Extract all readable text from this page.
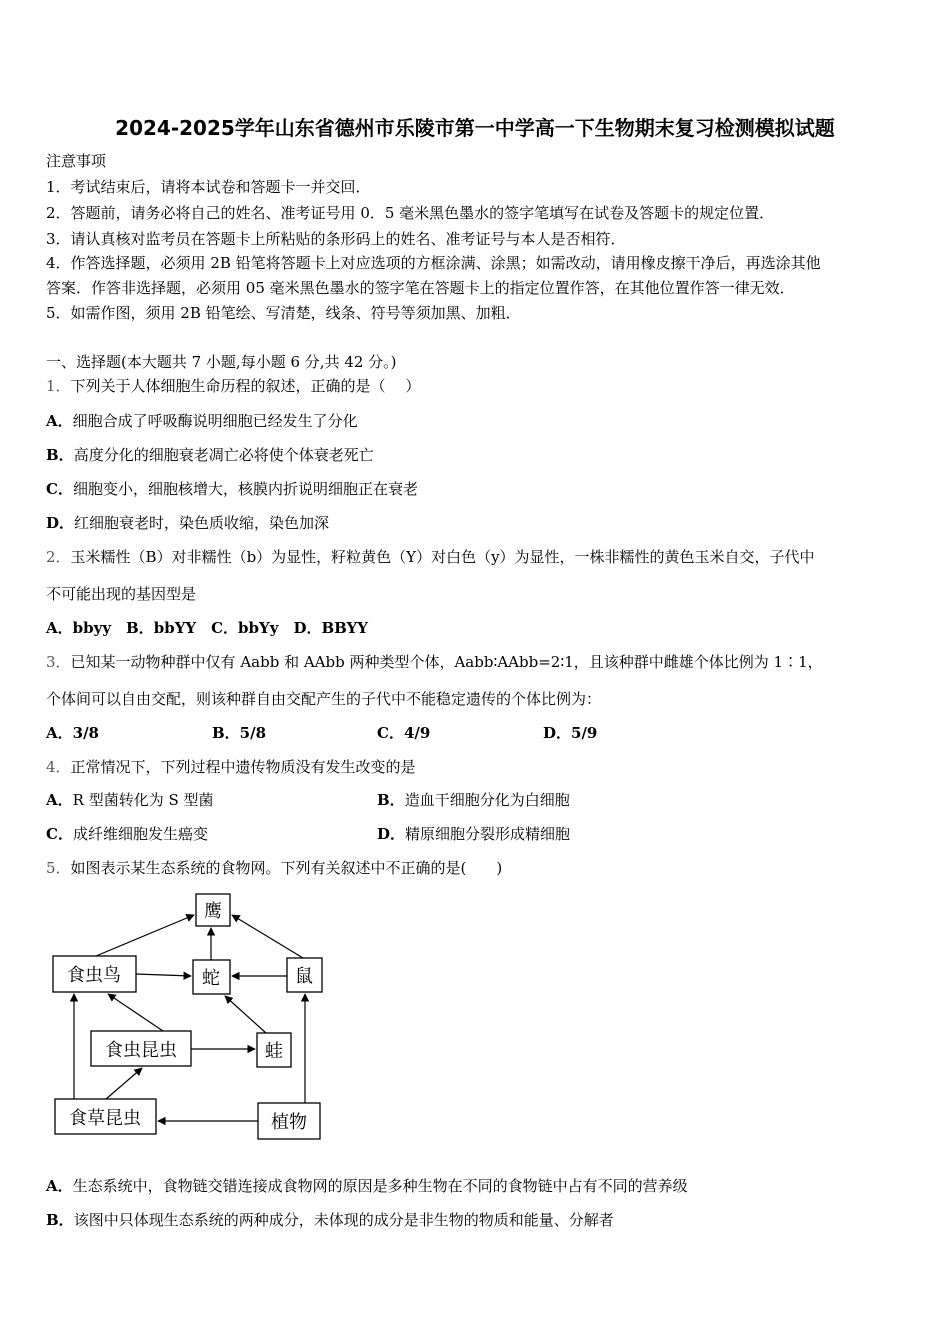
2024-2025学年山东省德州市乐陵市第一中学高一下生物期末复习检测模拟试题
注意事项
1．考试结束后，请将本试卷和答题卡一并交回．
2．答题前，请务必将自己的姓名、准考证号用 0．5 毫米黑色墨水的签字笔填写在试卷及答题卡的规定位置．
3．请认真核对监考员在答题卡上所粘贴的条形码上的姓名、准考证号与本人是否相符．
4．作答选择题，必须用 2B 铅笔将答题卡上对应选项的方框涂满、涂黑；如需改动，请用橡皮擦干净后，再选涂其他
答案．作答非选择题，必须用 05 毫米黑色墨水的签字笔在答题卡上的指定位置作答，在其他位置作答一律无效．
5．如需作图，须用 2B 铅笔绘、写清楚，线条、符号等须加黑、加粗．
一、选择题(本大题共 7 小题,每小题 6 分,共 42 分。)
1．下列关于人体细胞生命历程的叙述，正确的是（　 ）
A．细胞合成了呼吸酶说明细胞已经发生了分化
B．高度分化的细胞衰老凋亡必将使个体衰老死亡
C．细胞变小，细胞核增大，核膜内折说明细胞正在衰老
D．红细胞衰老时，染色质收缩，染色加深
2．玉米糯性（B）对非糯性（b）为显性，籽粒黄色（Y）对白色（y）为显性，一株非糯性的黄色玉米自交，子代中
不可能出现的基因型是
A．bbyy　B．bbYY　C．bbYy　D．BBYY
3．已知某一动物种群中仅有 Aabb 和 AAbb 两种类型个体，Aabb∶AAbb=2∶1，且该种群中雌雄个体比例为 1∶1，
个体间可以自由交配，则该种群自由交配产生的子代中不能稳定遗传的个体比例为：
A．3/8	B．5/8	C．4/9	D．5/9
4．正常情况下，下列过程中遗传物质没有发生改变的是
A．R 型菌转化为 S 型菌	B．造血干细胞分化为白细胞
C．成纤维细胞发生癌变	D．精原细胞分裂形成精细胞
5．如图表示某生态系统的食物网。下列有关叙述中不正确的是(　　)
鹰
食虫鸟	蛇	鼠
食虫昆虫	蛙
食草昆虫	植物
A．生态系统中，食物链交错连接成食物网的原因是多种生物在不同的食物链中占有不同的营养级
B．该图中只体现生态系统的两种成分，未体现的成分是非生物的物质和能量、分解者
